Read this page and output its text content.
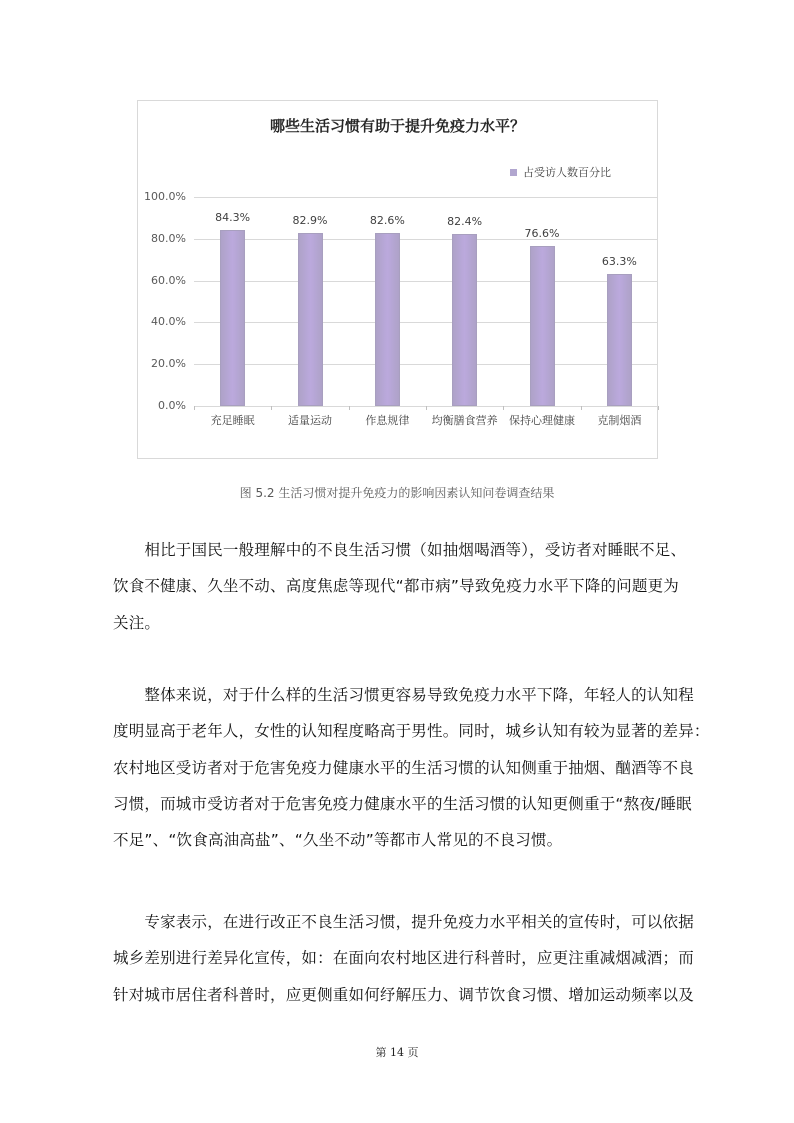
哪些生活习惯有助于提升免疫力水平？
占受访人数百分比
100.0%
80.0%
60.0%
40.0%
20.0%
0.0%
84.3%
充足睡眠
82.9%
适量运动
82.6%
作息规律
82.4%
均衡膳食营养
76.6%
保持心理健康
63.3%
克制烟酒
图 5.2 生活习惯对提升免疫力的影响因素认知问卷调查结果
　　相比于国民一般理解中的不良生活习惯（如抽烟喝酒等），受访者对睡眠不足、
饮食不健康、久坐不动、高度焦虑等现代“都市病”导致免疫力水平下降的问题更为
关注。
　　整体来说，对于什么样的生活习惯更容易导致免疫力水平下降，年轻人的认知程
度明显高于老年人，女性的认知程度略高于男性。同时，城乡认知有较为显著的差异：
农村地区受访者对于危害免疫力健康水平的生活习惯的认知侧重于抽烟、酗酒等不良
习惯，而城市受访者对于危害免疫力健康水平的生活习惯的认知更侧重于“熬夜/睡眠
不足”、“饮食高油高盐”、“久坐不动”等都市人常见的不良习惯。
　　专家表示，在进行改正不良生活习惯，提升免疫力水平相关的宣传时，可以依据
城乡差别进行差异化宣传，如：在面向农村地区进行科普时，应更注重减烟减酒；而
针对城市居住者科普时，应更侧重如何纾解压力、调节饮食习惯、增加运动频率以及
第 14 页
